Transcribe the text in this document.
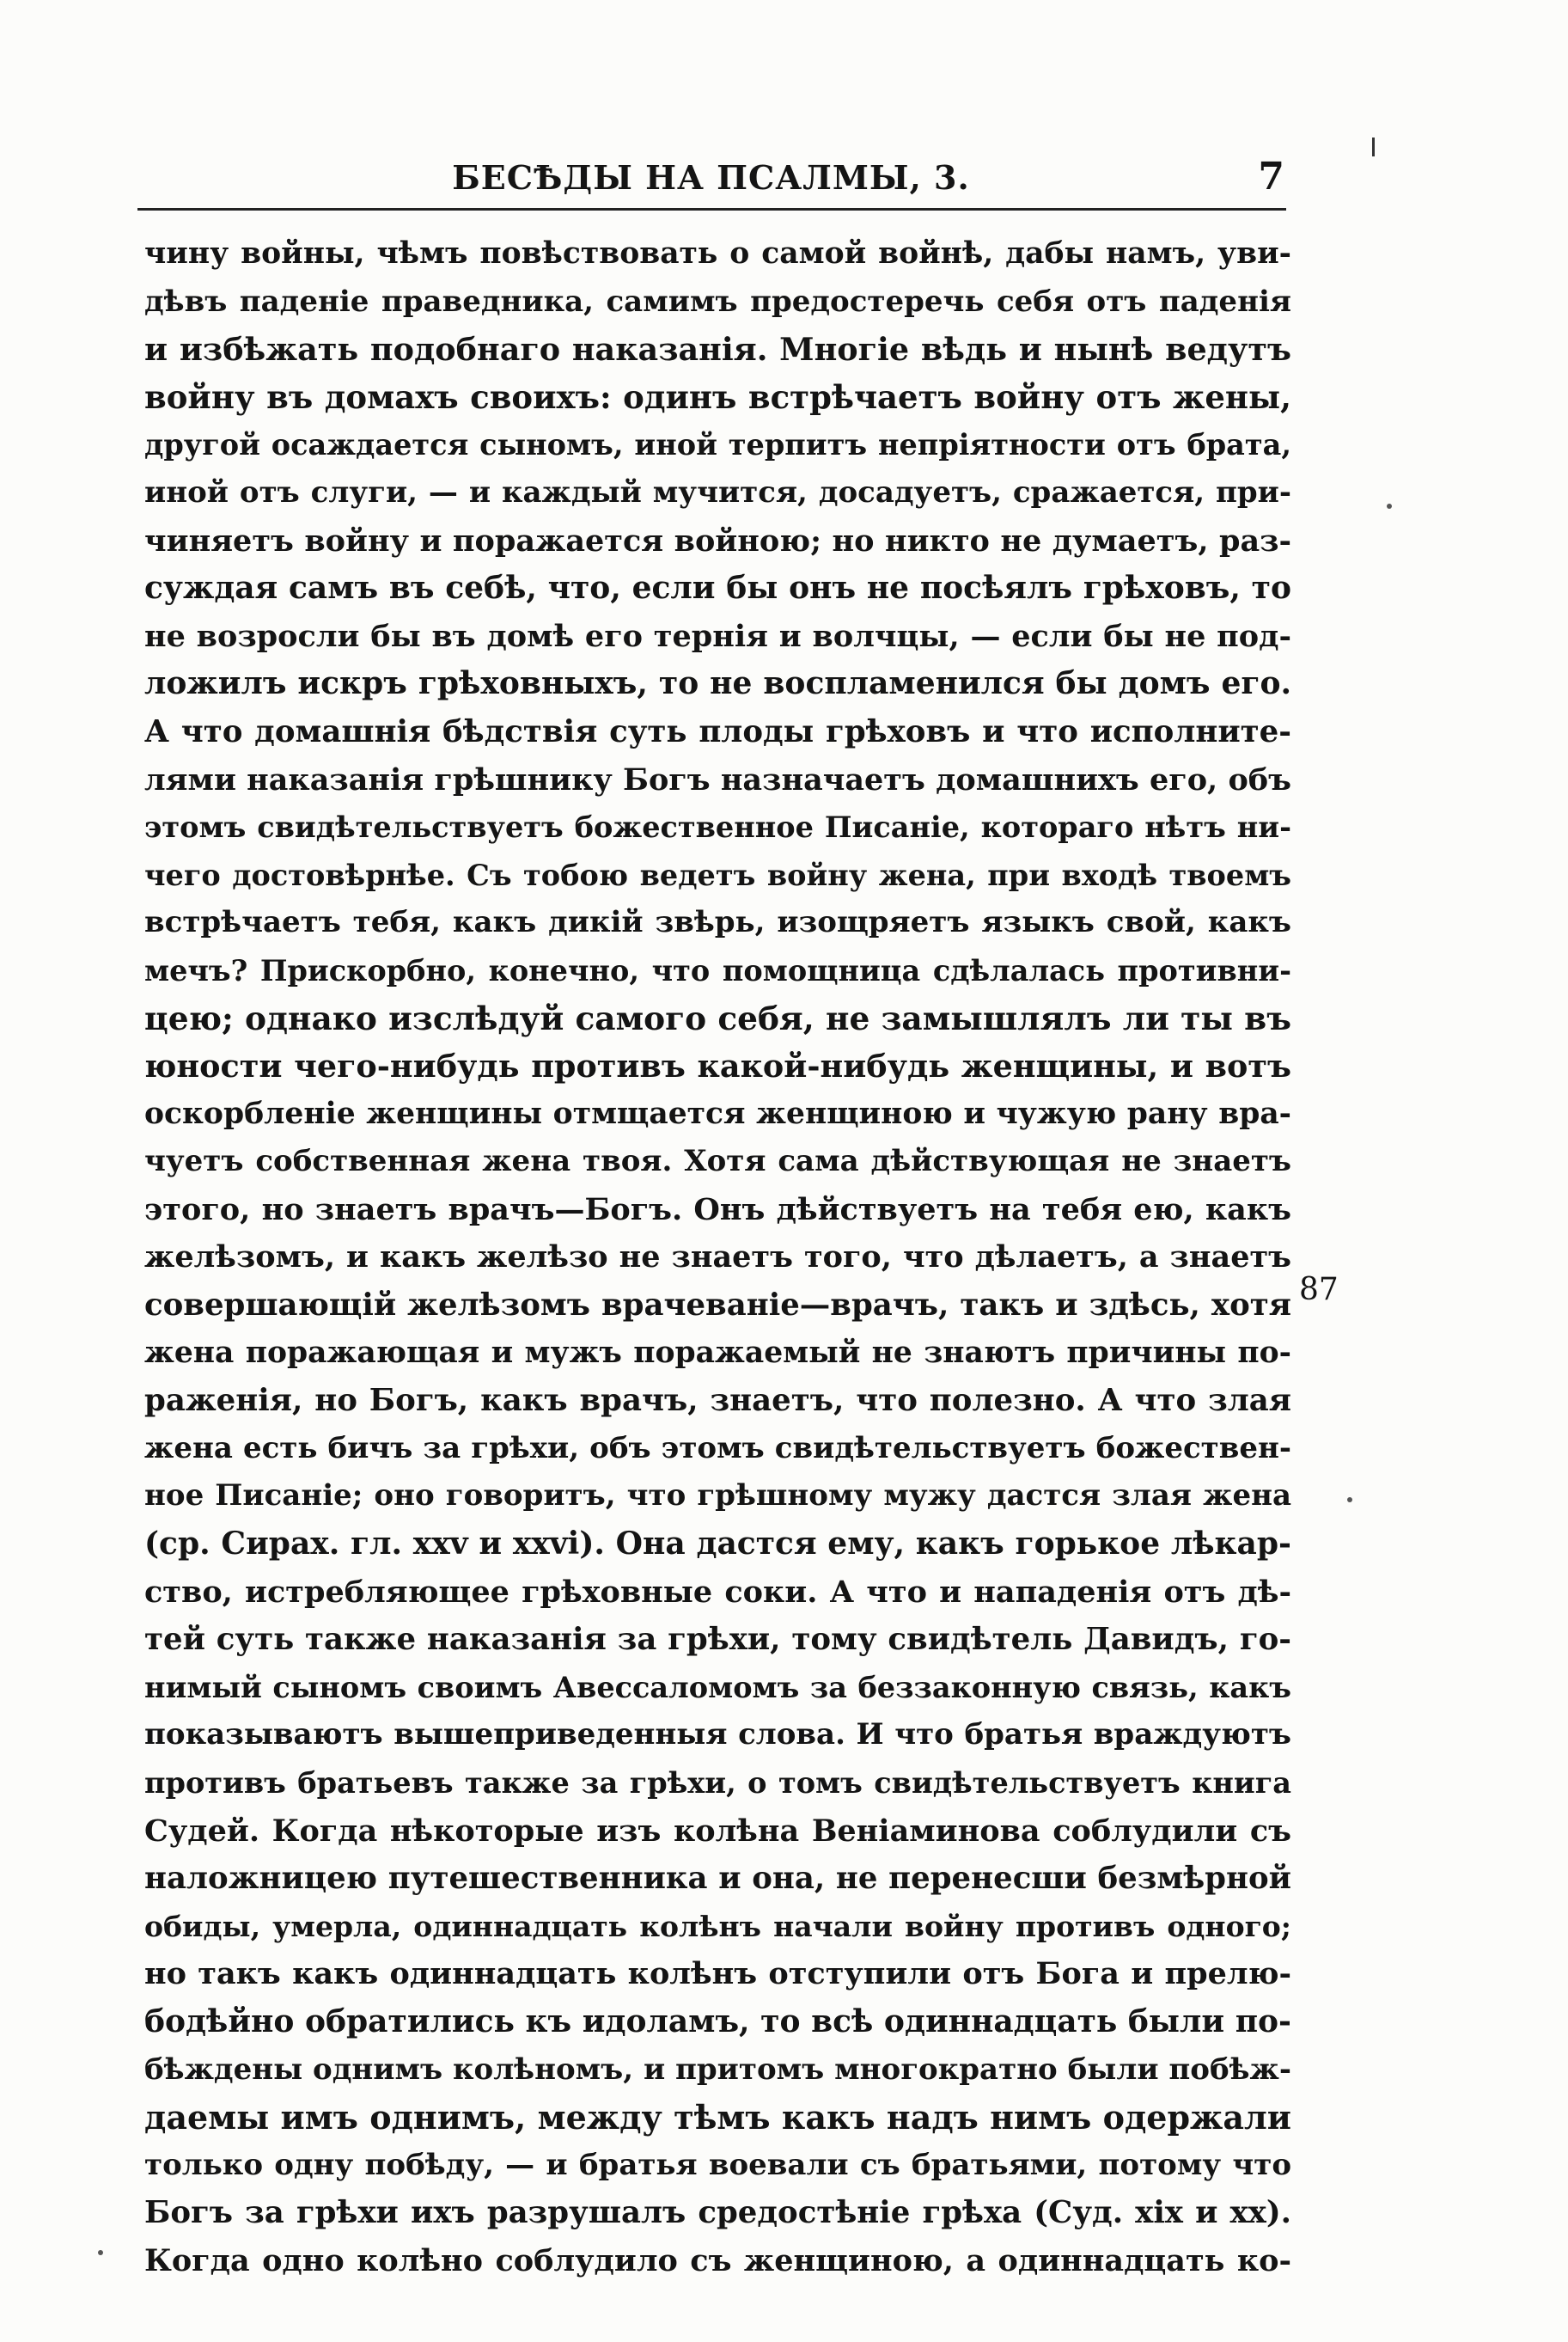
БЕСѢДЫ НА ПСАЛМЫ, 3.	7
чину войны, чѣмъ повѣствовать о самой войнѣ, дабы намъ, уви-
дѣвъ паденіе праведника, самимъ предостеречь себя отъ паденія
и избѣжать подобнаго наказанія. Многіе вѣдь и нынѣ ведутъ
войну въ домахъ своихъ: одинъ встрѣчаетъ войну отъ жены,
другой осаждается сыномъ, иной терпитъ непріятности отъ брата,
иной отъ слуги, — и каждый мучится, досадуетъ, сражается, при-
чиняетъ войну и поражается войною; но никто не думаетъ, раз-
суждая самъ въ себѣ, что, если бы онъ не посѣялъ грѣховъ, то
не возросли бы въ домѣ его тернія и волчцы, — если бы не под-
ложилъ искръ грѣховныхъ, то не воспламенился бы домъ его.
А что домашнія бѣдствія суть плоды грѣховъ и что исполните-
лями наказанія грѣшнику Богъ назначаетъ домашнихъ его, объ
этомъ свидѣтельствуетъ божественное Писаніе, котораго нѣтъ ни-
чего достовѣрнѣе. Съ тобою ведетъ войну жена, при входѣ твоемъ
встрѣчаетъ тебя, какъ дикій звѣрь, изощряетъ языкъ свой, какъ
мечъ? Прискорбно, конечно, что помощница сдѣлалась противни-
цею; однако изслѣдуй самого себя, не замышлялъ ли ты въ
юности чего-нибудь противъ какой-нибудь женщины, и вотъ
оскорбленіе женщины отмщается женщиною и чужую рану вра-
чуетъ собственная жена твоя. Хотя сама дѣйствующая не знаетъ
этого, но знаетъ врачъ—Богъ. Онъ дѣйствуетъ на тебя ею, какъ
желѣзомъ, и какъ желѣзо не знаетъ того, что дѣлаетъ, а знаетъ
совершающій желѣзомъ врачеваніе—врачъ, такъ и здѣсь, хотя
жена поражающая и мужъ поражаемый не знаютъ причины по-
раженія, но Богъ, какъ врачъ, знаетъ, что полезно. А что злая
жена есть бичъ за грѣхи, объ этомъ свидѣтельствуетъ божествен-
ное Писаніе; оно говоритъ, что грѣшному мужу дастся злая жена
(ср. Сирах. гл. xxv и xxvi). Она дастся ему, какъ горькое лѣкар-
ство, истребляющее грѣховные соки. А что и нападенія отъ дѣ-
тей суть также наказанія за грѣхи, тому свидѣтель Давидъ, го-
нимый сыномъ своимъ Авессаломомъ за беззаконную связь, какъ
показываютъ вышеприведенныя слова. И что братья враждуютъ
противъ братьевъ также за грѣхи, о томъ свидѣтельствуетъ книга
Судей. Когда нѣкоторые изъ колѣна Веніаминова соблудили съ
наложницею путешественника и она, не перенесши безмѣрной
обиды, умерла, одиннадцать колѣнъ начали войну противъ одного;
но такъ какъ одиннадцать колѣнъ отступили отъ Бога и прелю-
бодѣйно обратились къ идоламъ, то всѣ одиннадцать были по-
бѣждены однимъ колѣномъ, и притомъ многократно были побѣж-
даемы имъ однимъ, между тѣмъ какъ надъ нимъ одержали
только одну побѣду, — и братья воевали съ братьями, потому что
Богъ за грѣхи ихъ разрушалъ средостѣніе грѣха (Суд. xix и xx).
Когда одно колѣно соблудило съ женщиною, а одиннадцать ко-
87
